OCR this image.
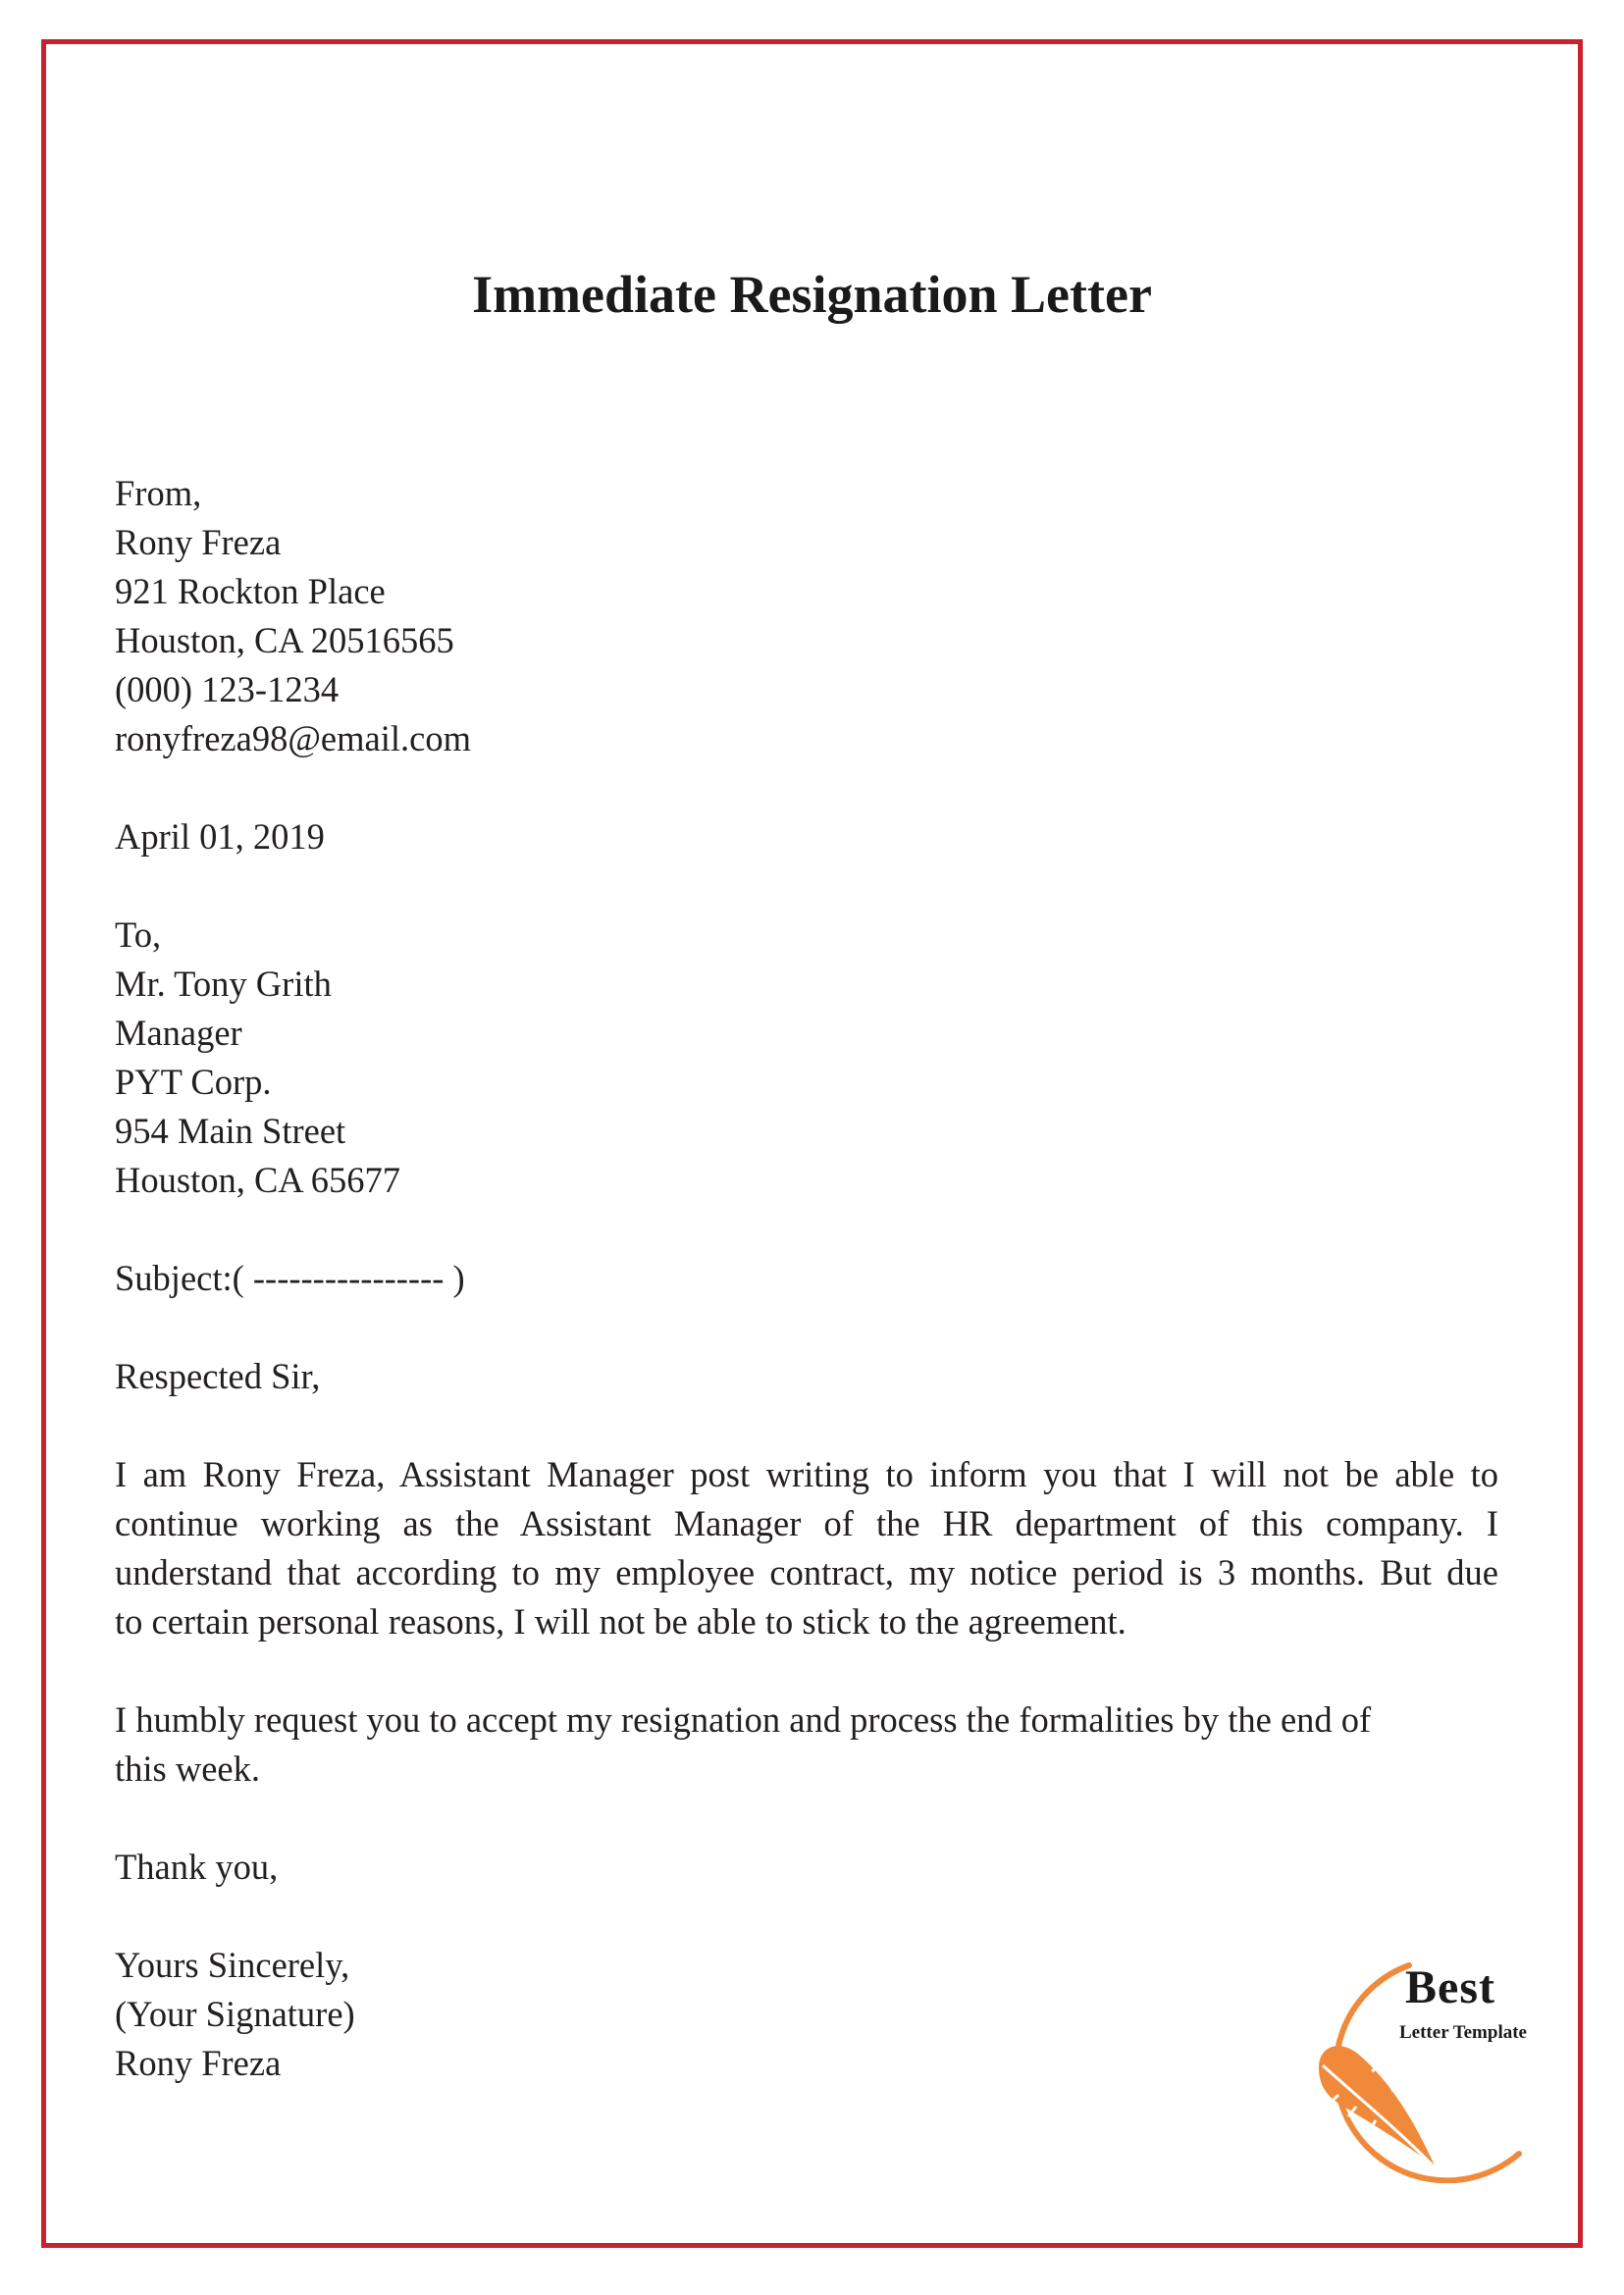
Immediate Resignation Letter
From,
Rony Freza
921 Rockton Place
Houston, CA 20516565
(000) 123-1234
ronyfreza98@email.com
April 01, 2019
To,
Mr. Tony Grith
Manager
PYT Corp.
954 Main Street
Houston, CA 65677
Subject:( ---------------- )
Respected Sir,
I am Rony Freza, Assistant Manager post writing to inform you that I will not be able to
continue working as the Assistant Manager of the HR department of this company. I
understand that according to my employee contract, my notice period is 3 months. But due
to certain personal reasons, I will not be able to stick to the agreement.
I humbly request you to accept my resignation and process the formalities by the end of
this week.
Thank you,
Yours Sincerely,
(Your Signature)
Rony Freza
Best
Letter Template
